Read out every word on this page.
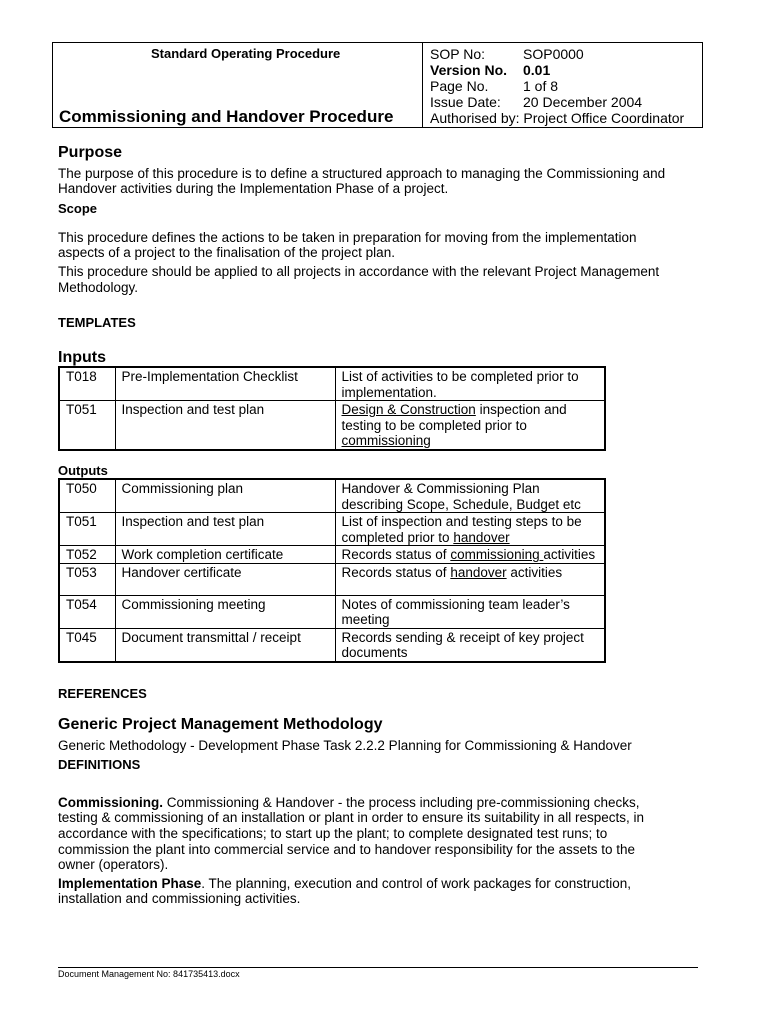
Standard Operating Procedure
Commissioning and Handover Procedure
SOP No:	SOP0000
Version No. 0.01
Page No. 1 of 8
Issue Date: 20 December 2004
Authorised by: Project Office Coordinator
Purpose
The purpose of this procedure is to define a structured approach to managing the Commissioning and
Handover activities during the Implementation Phase of a project.
Scope
This procedure defines the actions to be taken in preparation for moving from the implementation
aspects of a project to the finalisation of the project plan.
This procedure should be applied to all projects in accordance with the relevant Project Management
Methodology.
TEMPLATES
Inputs
T018	Pre-Implementation Checklist	List of activities to be completed prior to implementation.
T051	Inspection and test plan	Design & Construction inspection and testing to be completed prior to commissioning
Outputs
T050	Commissioning plan	Handover & Commissioning Plan describing Scope, Schedule, Budget etc
T051	Inspection and test plan	List of inspection and testing steps to be completed prior to handover
T052	Work completion certificate	Records status of commissioning activities
T053	Handover certificate	Records status of handover activities
T054	Commissioning meeting	Notes of commissioning team leader’s meeting
T045	Document transmittal / receipt	Records sending & receipt of key project documents
REFERENCES
Generic Project Management Methodology
Generic Methodology - Development Phase Task 2.2.2 Planning for Commissioning & Handover
DEFINITIONS
Commissioning. Commissioning & Handover - the process including pre-commissioning checks,
testing & commissioning of an installation or plant in order to ensure its suitability in all respects, in
accordance with the specifications; to start up the plant; to complete designated test runs; to
commission the plant into commercial service and to handover responsibility for the assets to the
owner (operators).
Implementation Phase. The planning, execution and control of work packages for construction,
installation and commissioning activities.
Document Management No: 841735413.docx
